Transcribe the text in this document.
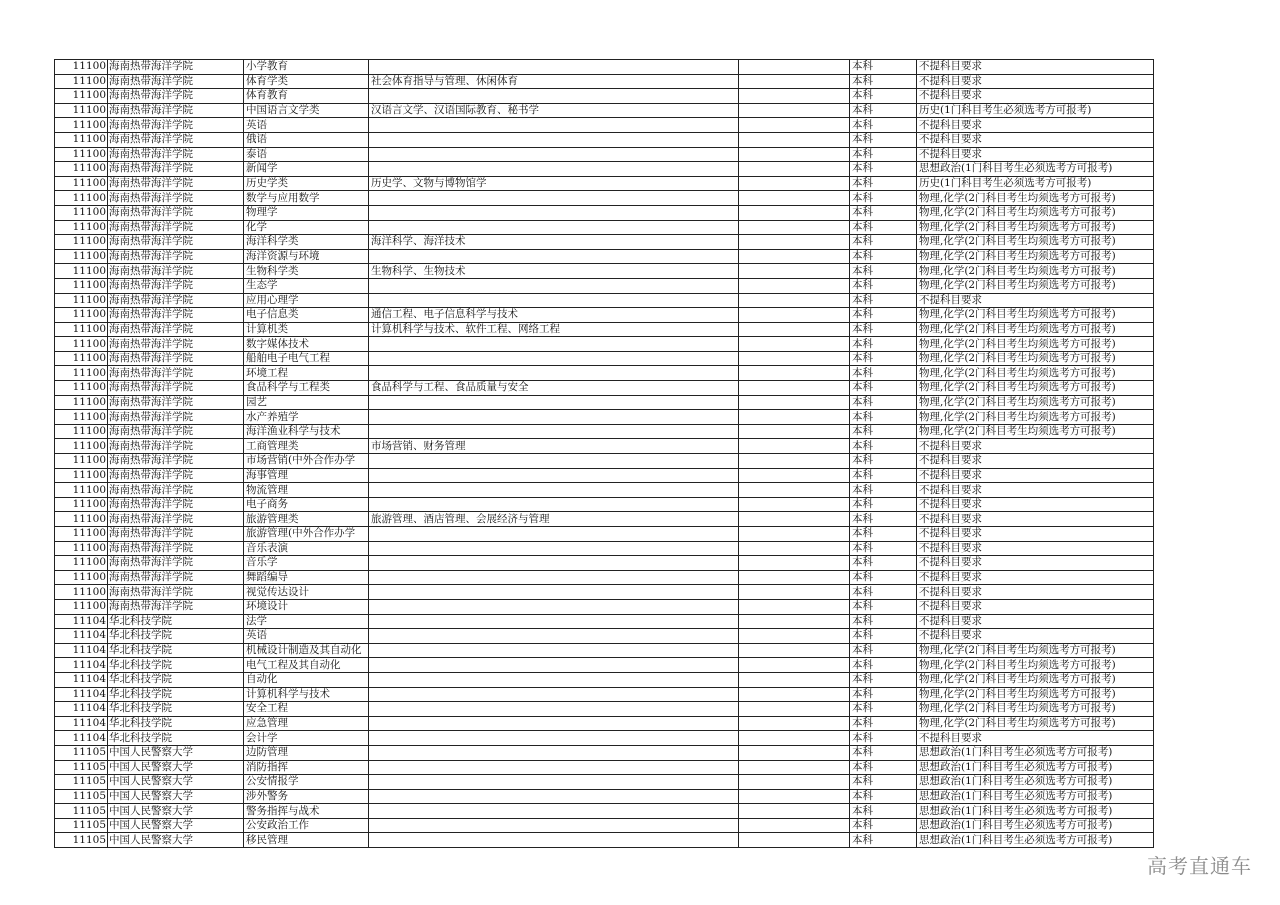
11100	海南热带海洋学院	小学教育			本科	不提科目要求
11100	海南热带海洋学院	体育学类	社会体育指导与管理、休闲体育		本科	不提科目要求
11100	海南热带海洋学院	体育教育			本科	不提科目要求
11100	海南热带海洋学院	中国语言文学类	汉语言文学、汉语国际教育、秘书学		本科	历史(1门科目考生必须选考方可报考)
11100	海南热带海洋学院	英语			本科	不提科目要求
11100	海南热带海洋学院	俄语			本科	不提科目要求
11100	海南热带海洋学院	泰语			本科	不提科目要求
11100	海南热带海洋学院	新闻学			本科	思想政治(1门科目考生必须选考方可报考)
11100	海南热带海洋学院	历史学类	历史学、文物与博物馆学		本科	历史(1门科目考生必须选考方可报考)
11100	海南热带海洋学院	数学与应用数学			本科	物理,化学(2门科目考生均须选考方可报考)
11100	海南热带海洋学院	物理学			本科	物理,化学(2门科目考生均须选考方可报考)
11100	海南热带海洋学院	化学			本科	物理,化学(2门科目考生均须选考方可报考)
11100	海南热带海洋学院	海洋科学类	海洋科学、海洋技术		本科	物理,化学(2门科目考生均须选考方可报考)
11100	海南热带海洋学院	海洋资源与环境			本科	物理,化学(2门科目考生均须选考方可报考)
11100	海南热带海洋学院	生物科学类	生物科学、生物技术		本科	物理,化学(2门科目考生均须选考方可报考)
11100	海南热带海洋学院	生态学			本科	物理,化学(2门科目考生均须选考方可报考)
11100	海南热带海洋学院	应用心理学			本科	不提科目要求
11100	海南热带海洋学院	电子信息类	通信工程、电子信息科学与技术		本科	物理,化学(2门科目考生均须选考方可报考)
11100	海南热带海洋学院	计算机类	计算机科学与技术、软件工程、网络工程		本科	物理,化学(2门科目考生均须选考方可报考)
11100	海南热带海洋学院	数字媒体技术			本科	物理,化学(2门科目考生均须选考方可报考)
11100	海南热带海洋学院	船舶电子电气工程			本科	物理,化学(2门科目考生均须选考方可报考)
11100	海南热带海洋学院	环境工程			本科	物理,化学(2门科目考生均须选考方可报考)
11100	海南热带海洋学院	食品科学与工程类	食品科学与工程、食品质量与安全		本科	物理,化学(2门科目考生均须选考方可报考)
11100	海南热带海洋学院	园艺			本科	物理,化学(2门科目考生均须选考方可报考)
11100	海南热带海洋学院	水产养殖学			本科	物理,化学(2门科目考生均须选考方可报考)
11100	海南热带海洋学院	海洋渔业科学与技术			本科	物理,化学(2门科目考生均须选考方可报考)
11100	海南热带海洋学院	工商管理类	市场营销、财务管理		本科	不提科目要求
11100	海南热带海洋学院	市场营销(中外合作办学			本科	不提科目要求
11100	海南热带海洋学院	海事管理			本科	不提科目要求
11100	海南热带海洋学院	物流管理			本科	不提科目要求
11100	海南热带海洋学院	电子商务			本科	不提科目要求
11100	海南热带海洋学院	旅游管理类	旅游管理、酒店管理、会展经济与管理		本科	不提科目要求
11100	海南热带海洋学院	旅游管理(中外合作办学			本科	不提科目要求
11100	海南热带海洋学院	音乐表演			本科	不提科目要求
11100	海南热带海洋学院	音乐学			本科	不提科目要求
11100	海南热带海洋学院	舞蹈编导			本科	不提科目要求
11100	海南热带海洋学院	视觉传达设计			本科	不提科目要求
11100	海南热带海洋学院	环境设计			本科	不提科目要求
11104	华北科技学院	法学			本科	不提科目要求
11104	华北科技学院	英语			本科	不提科目要求
11104	华北科技学院	机械设计制造及其自动化			本科	物理,化学(2门科目考生均须选考方可报考)
11104	华北科技学院	电气工程及其自动化			本科	物理,化学(2门科目考生均须选考方可报考)
11104	华北科技学院	自动化			本科	物理,化学(2门科目考生均须选考方可报考)
11104	华北科技学院	计算机科学与技术			本科	物理,化学(2门科目考生均须选考方可报考)
11104	华北科技学院	安全工程			本科	物理,化学(2门科目考生均须选考方可报考)
11104	华北科技学院	应急管理			本科	物理,化学(2门科目考生均须选考方可报考)
11104	华北科技学院	会计学			本科	不提科目要求
11105	中国人民警察大学	边防管理			本科	思想政治(1门科目考生必须选考方可报考)
11105	中国人民警察大学	消防指挥			本科	思想政治(1门科目考生必须选考方可报考)
11105	中国人民警察大学	公安情报学			本科	思想政治(1门科目考生必须选考方可报考)
11105	中国人民警察大学	涉外警务			本科	思想政治(1门科目考生必须选考方可报考)
11105	中国人民警察大学	警务指挥与战术			本科	思想政治(1门科目考生必须选考方可报考)
11105	中国人民警察大学	公安政治工作			本科	思想政治(1门科目考生必须选考方可报考)
11105	中国人民警察大学	移民管理			本科	思想政治(1门科目考生必须选考方可报考)
高考直通车
